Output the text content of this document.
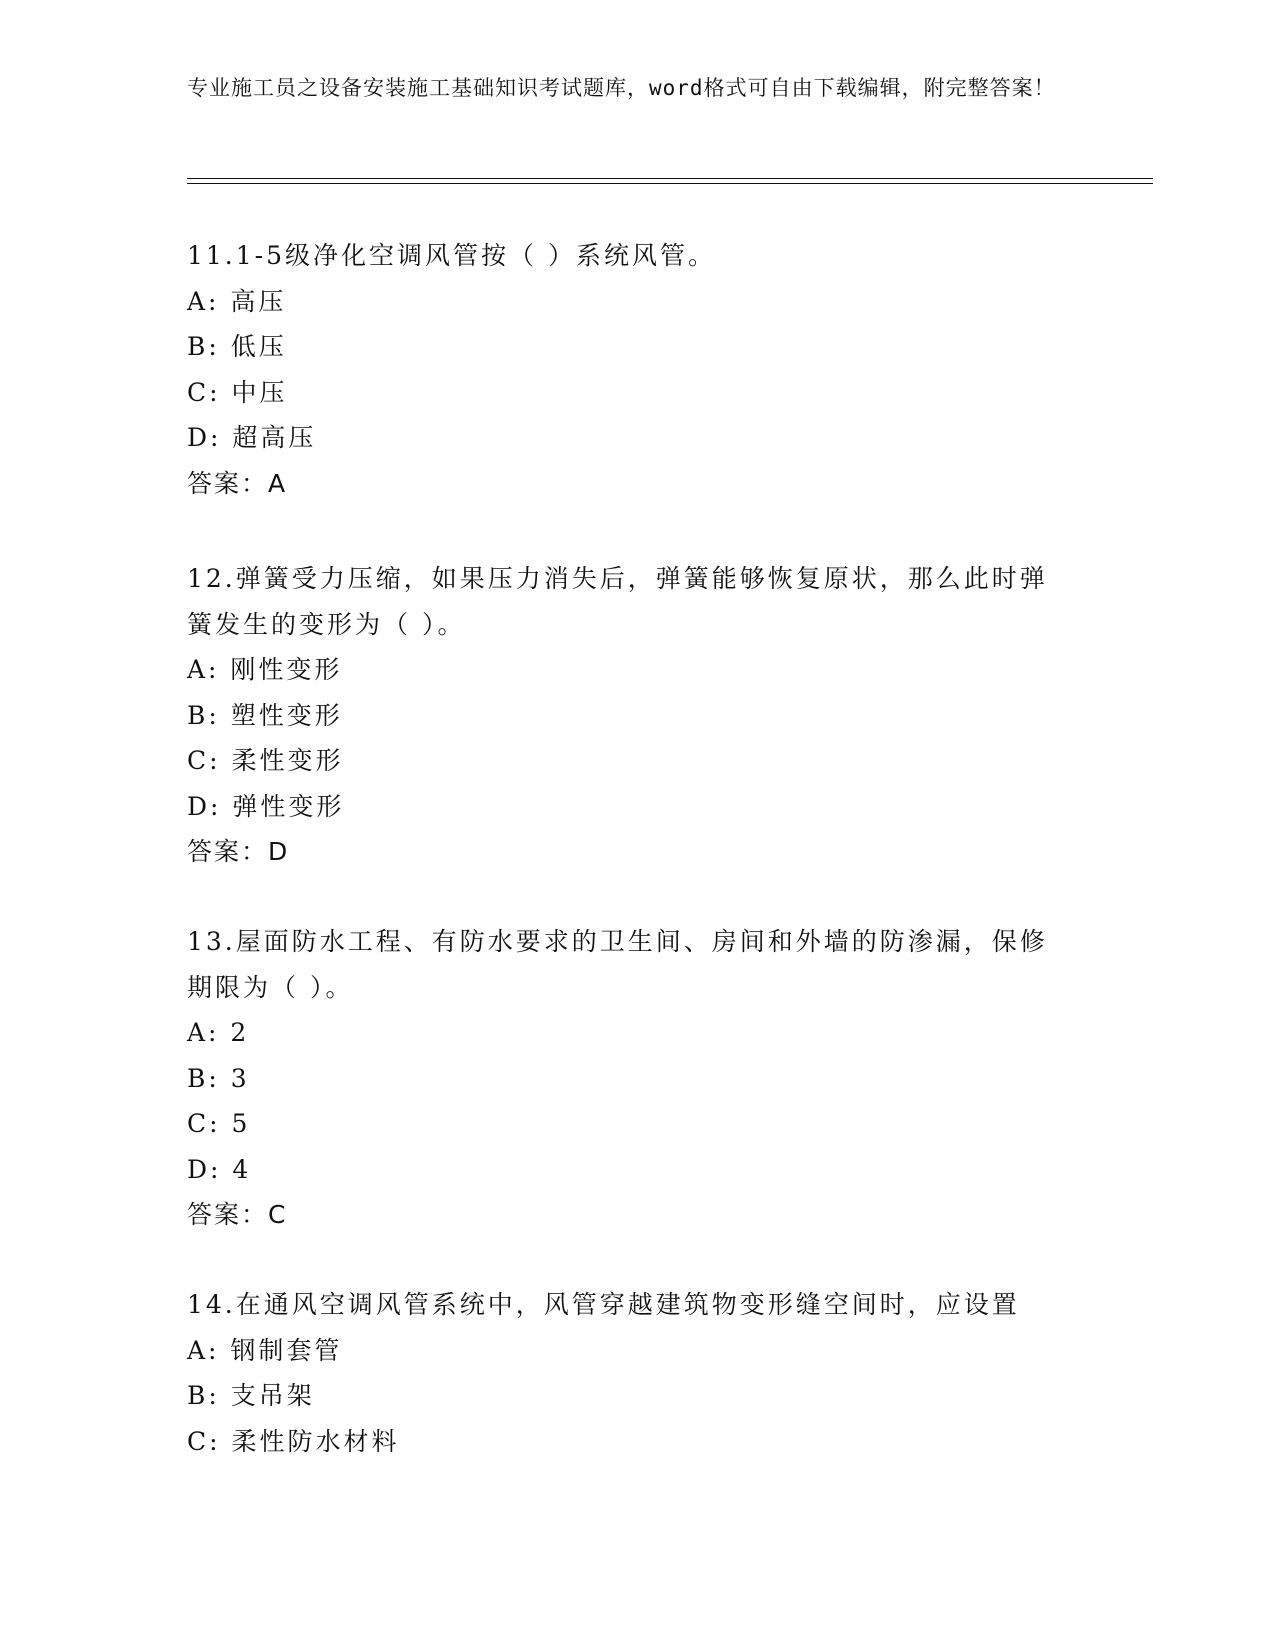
专业施工员之设备安装施工基础知识考试题库，word格式可自由下载编辑，附完整答案！

11.1-5级净化空调风管按（ ）系统风管。

A: 高压

B: 低压

C: 中压

D: 超高压

答案：A

12.弹簧受力压缩，如果压力消失后，弹簧能够恢复原状，那么此时弹簧发生的变形为（ ）。

A: 刚性变形

B: 塑性变形

C: 柔性变形

D: 弹性变形

答案：D

13.屋面防水工程、有防水要求的卫生间、房间和外墙的防渗漏，保修期限为（ ）。

A: 2

B: 3

C: 5

D: 4

答案：C

14.在通风空调风管系统中，风管穿越建筑物变形缝空间时，应设置

A: 钢制套管

B: 支吊架

C: 柔性防水材料
